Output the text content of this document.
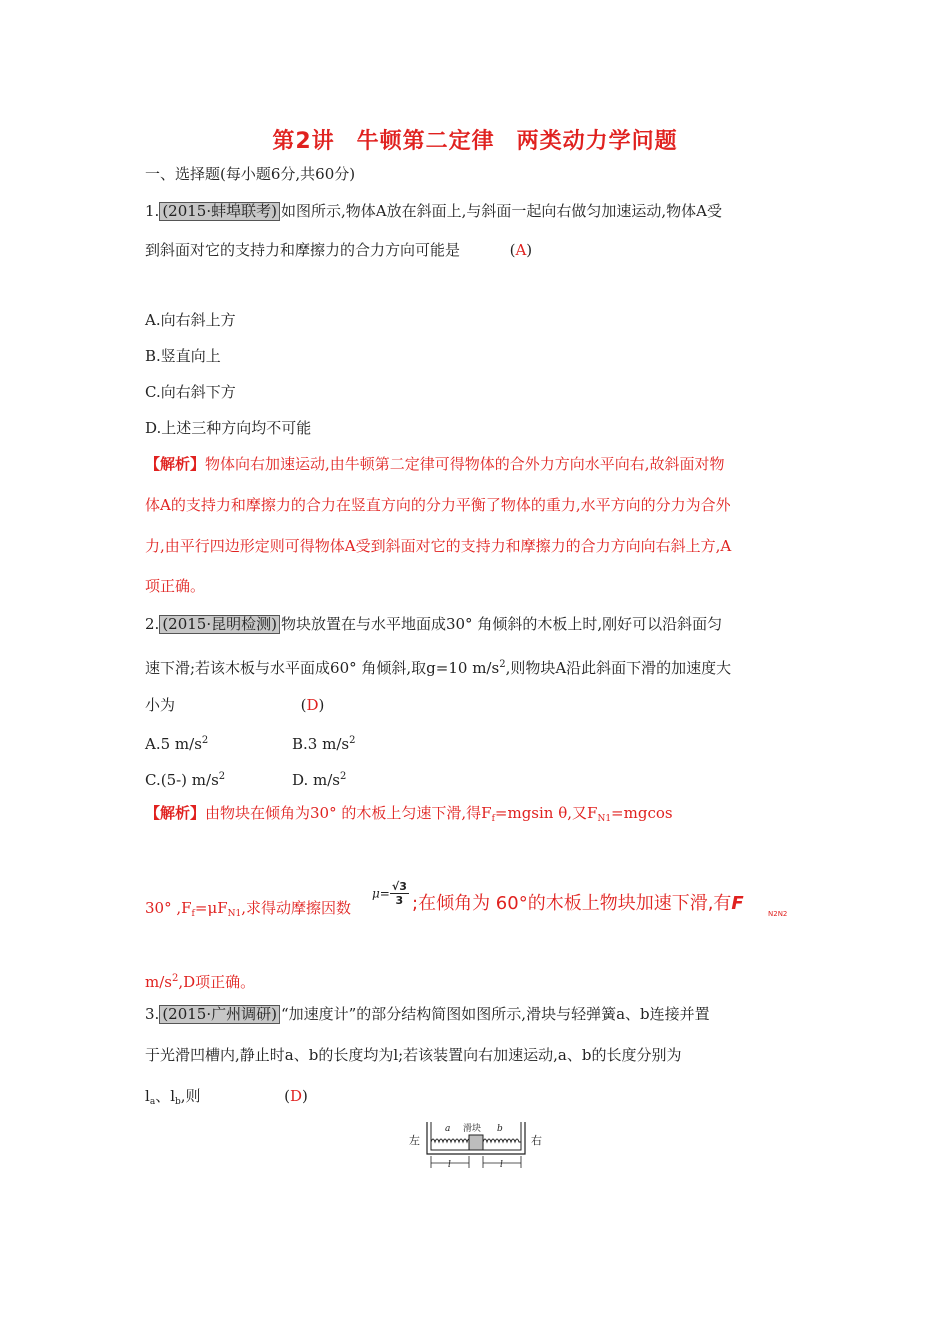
第2讲 牛顿第二定律 两类动力学问题
一、选择题(每小题6分,共60分)
1. (2015·蚌埠联考) 如图所示,物体A放在斜面上,与斜面一起向右做匀加速运动,物体A受
到斜面对它的支持力和摩擦力的合力方向可能是	(A)
A.向右斜上方
B.竖直向上
C.向右斜下方
D.上述三种方向均不可能
【解析】物体向右加速运动,由牛顿第二定律可得物体的合外力方向水平向右,故斜面对物
体A的支持力和摩擦力的合力在竖直方向的分力平衡了物体的重力,水平方向的分力为合外
力,由平行四边形定则可得物体A受到斜面对它的支持力和摩擦力的合力方向向右斜上方,A
项正确。
2. (2015·昆明检测) 物块放置在与水平地面成30° 角倾斜的木板上时,刚好可以沿斜面匀
速下滑;若该木板与水平面成60° 角倾斜,取g=10 $m/s^2$,则物块A沿此斜面下滑的加速度大
小为	(D)
A.5 $m/s^2$	B.3 $m/s^2$
C.(5-) $m/s^2$	D. $m/s^2$
【解析】由物块在倾角为30° 的木板上匀速下滑,得$F_f=mgsin$ θ,又$F_{N1}=mgcos$
30° $,F_f=\mu F_{N1}$,求得动摩擦因数
$\mu= \frac{√3}{3}$ ;在倾角为 60°的木板上物块加速下滑,有F	N2N2
$m/s^2,D$项正确。
3. (2015·广州调研) “加速度计”的部分结构简图如图所示,滑块与轻弹簧a、b连接并置
于光滑凹槽内,静止时a、b的长度均为l;若该装置向右加速运动,a、b的长度分别为
$l_a$、$l_b$,则	(D)
左	右
a 滑块 b
l	l
